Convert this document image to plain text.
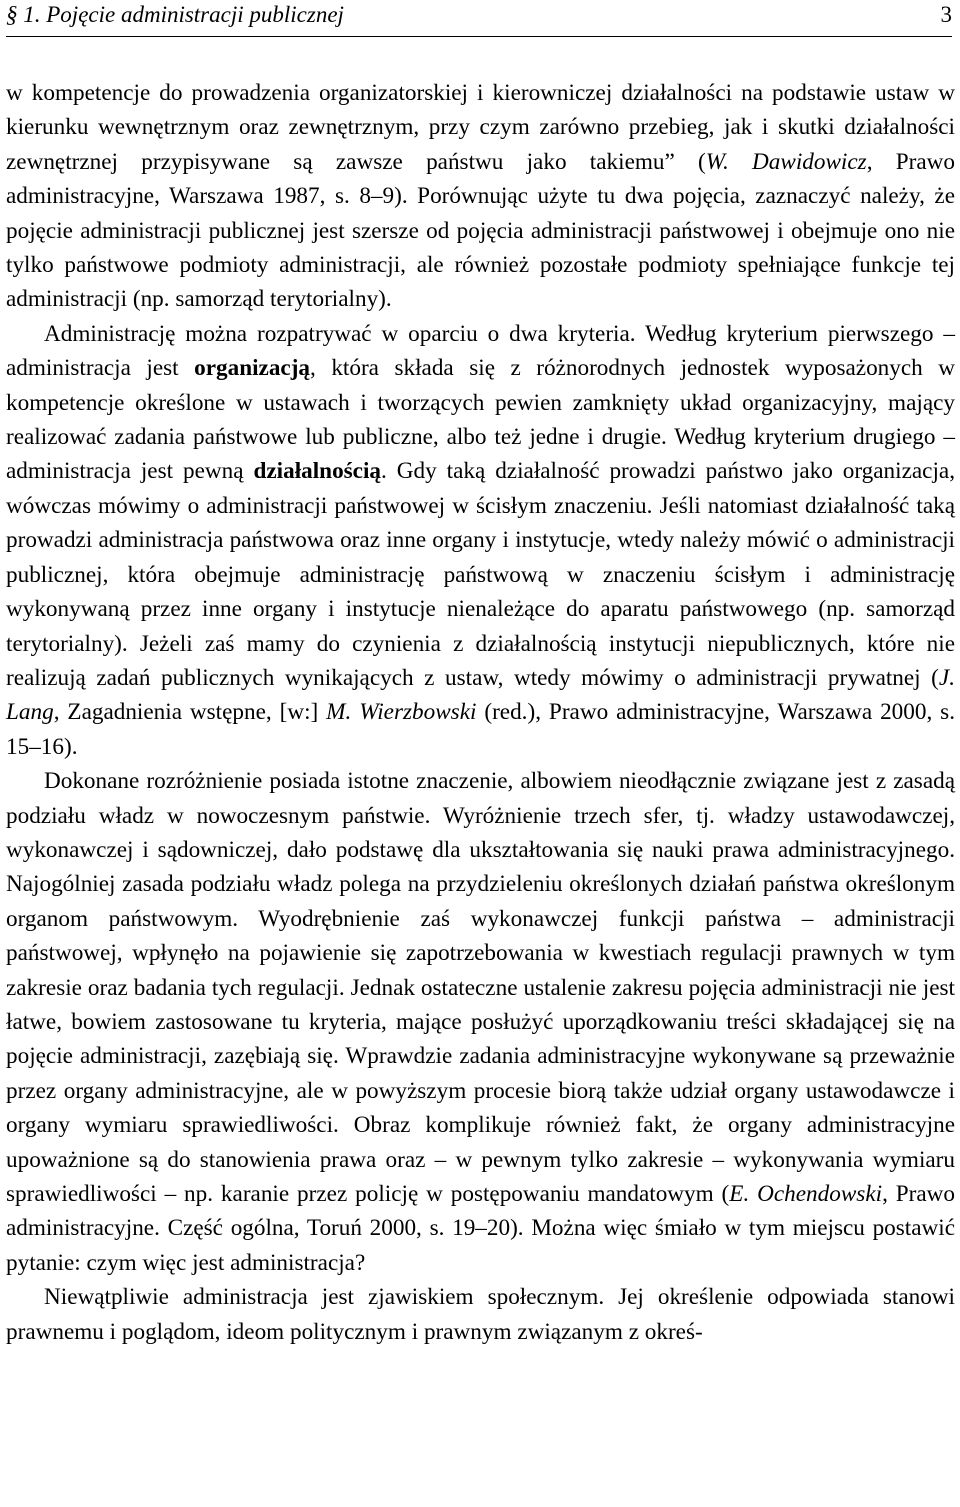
§ 1. Pojęcie administracji publicznej	3

w kompetencje do prowadzenia organizatorskiej i kierowniczej działalności na podstawie ustaw w kierunku wewnętrznym oraz zewnętrznym, przy czym zarówno przebieg, jak i skutki działalności zewnętrznej przypisywane są zawsze państwu jako takiemu” (W. Dawidowicz, Prawo administracyjne, Warszawa 1987, s. 8–9). Porównując użyte tu dwa pojęcia, zaznaczyć należy, że pojęcie administracji publicznej jest szersze od pojęcia administracji państwowej i obejmuje ono nie tylko państwowe podmioty administracji, ale również pozostałe podmioty spełniające funkcje tej administracji (np. samorząd terytorialny).

Administrację można rozpatrywać w oparciu o dwa kryteria. Według kryterium pierwszego – administracja jest organizacją, która składa się z różnorodnych jednostek wyposażonych w kompetencje określone w ustawach i tworzących pewien zamknięty układ organizacyjny, mający realizować zadania państwowe lub publiczne, albo też jedne i drugie. Według kryterium drugiego – administracja jest pewną działalnością. Gdy taką działalność prowadzi państwo jako organizacja, wówczas mówimy o administracji państwowej w ścisłym znaczeniu. Jeśli natomiast działalność taką prowadzi administracja państwowa oraz inne organy i instytucje, wtedy należy mówić o administracji publicznej, która obejmuje administrację państwową w znaczeniu ścisłym i administrację wykonywaną przez inne organy i instytucje nienależące do aparatu państwowego (np. samorząd terytorialny). Jeżeli zaś mamy do czynienia z działalnością instytucji niepublicznych, które nie realizują zadań publicznych wynikających z ustaw, wtedy mówimy o administracji prywatnej (J. Lang, Zagadnienia wstępne, [w:] M. Wierzbowski (red.), Prawo administracyjne, Warszawa 2000, s. 15–16).

Dokonane rozróżnienie posiada istotne znaczenie, albowiem nieodłącznie związane jest z zasadą podziału władz w nowoczesnym państwie. Wyróżnienie trzech sfer, tj. władzy ustawodawczej, wykonawczej i sądowniczej, dało podstawę dla ukształtowania się nauki prawa administracyjnego. Najogólniej zasada podziału władz polega na przydzieleniu określonych działań państwa określonym organom państwowym. Wyodrębnienie zaś wykonawczej funkcji państwa – administracji państwowej, wpłynęło na pojawienie się zapotrzebowania w kwestiach regulacji prawnych w tym zakresie oraz badania tych regulacji. Jednak ostateczne ustalenie zakresu pojęcia administracji nie jest łatwe, bowiem zastosowane tu kryteria, mające posłużyć uporządkowaniu treści składającej się na pojęcie administracji, zazębiają się. Wprawdzie zadania administracyjne wykonywane są przeważnie przez organy administracyjne, ale w powyższym procesie biorą także udział organy ustawodawcze i organy wymiaru sprawiedliwości. Obraz komplikuje również fakt, że organy administracyjne upoważnione są do stanowienia prawa oraz – w pewnym tylko zakresie – wykonywania wymiaru sprawiedliwości – np. karanie przez policję w postępowaniu mandatowym (E. Ochendowski, Prawo administracyjne. Część ogólna, Toruń 2000, s. 19–20). Można więc śmiało w tym miejscu postawić pytanie: czym więc jest administracja?

Niewątpliwie administracja jest zjawiskiem społecznym. Jej określenie odpowiada stanowi prawnemu i poglądom, ideom politycznym i prawnym związanym z okreś-
